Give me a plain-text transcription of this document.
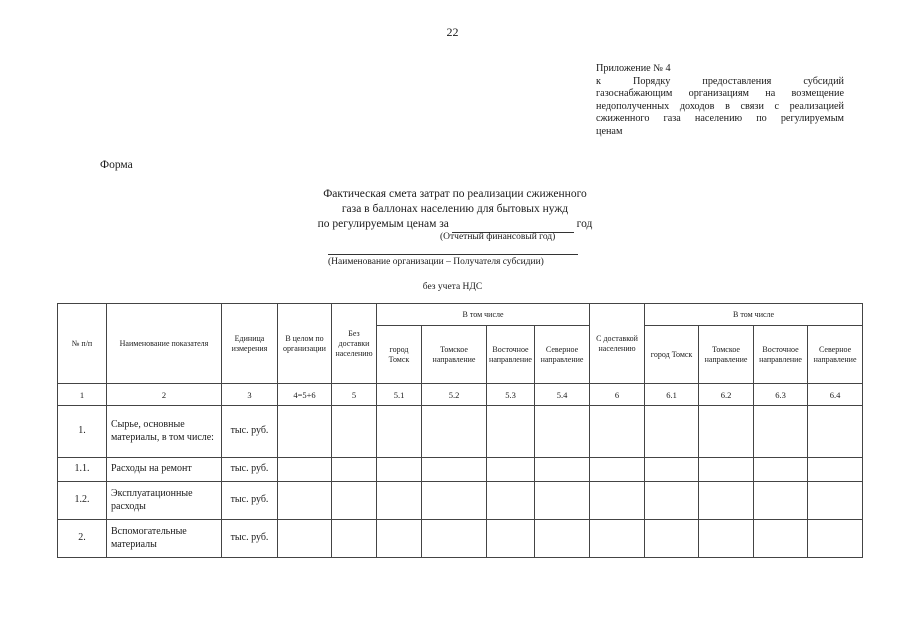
22
Приложение № 4
к Порядку предоставления субсидий
газоснабжающим организациям на возмещение
недополученных доходов в связи с реализацией
сжиженного газа населению по регулируемым
ценам
Форма
Фактическая смета затрат по реализации сжиженного
газа в баллонах населению для бытовых нужд
по регулируемым ценам за	год
(Отчетный финансовый год)
(Наименование организации – Получателя субсидии)
без учета НДС
№ п/п	Наименование показателя	Единица измерения	В целом по организации	Без доставки населению	В том числе				С доставкой населению	В том числе			
					город Томск	Томское направление	Восточное направление	Северное направление		город Томск	Томское направление	Восточное направление	Северное направление
1	2	3	4=5+6	5	5.1	5.2	5.3	5.4	6	6.1	6.2	6.3	6.4
1.	Сырье, основные материалы, в том числе:	тыс. руб.											
1.1.	Расходы на ремонт	тыс. руб.											
1.2.	Эксплуатационные расходы	тыс. руб.											
2.	Вспомогательные материалы	тыс. руб.											
